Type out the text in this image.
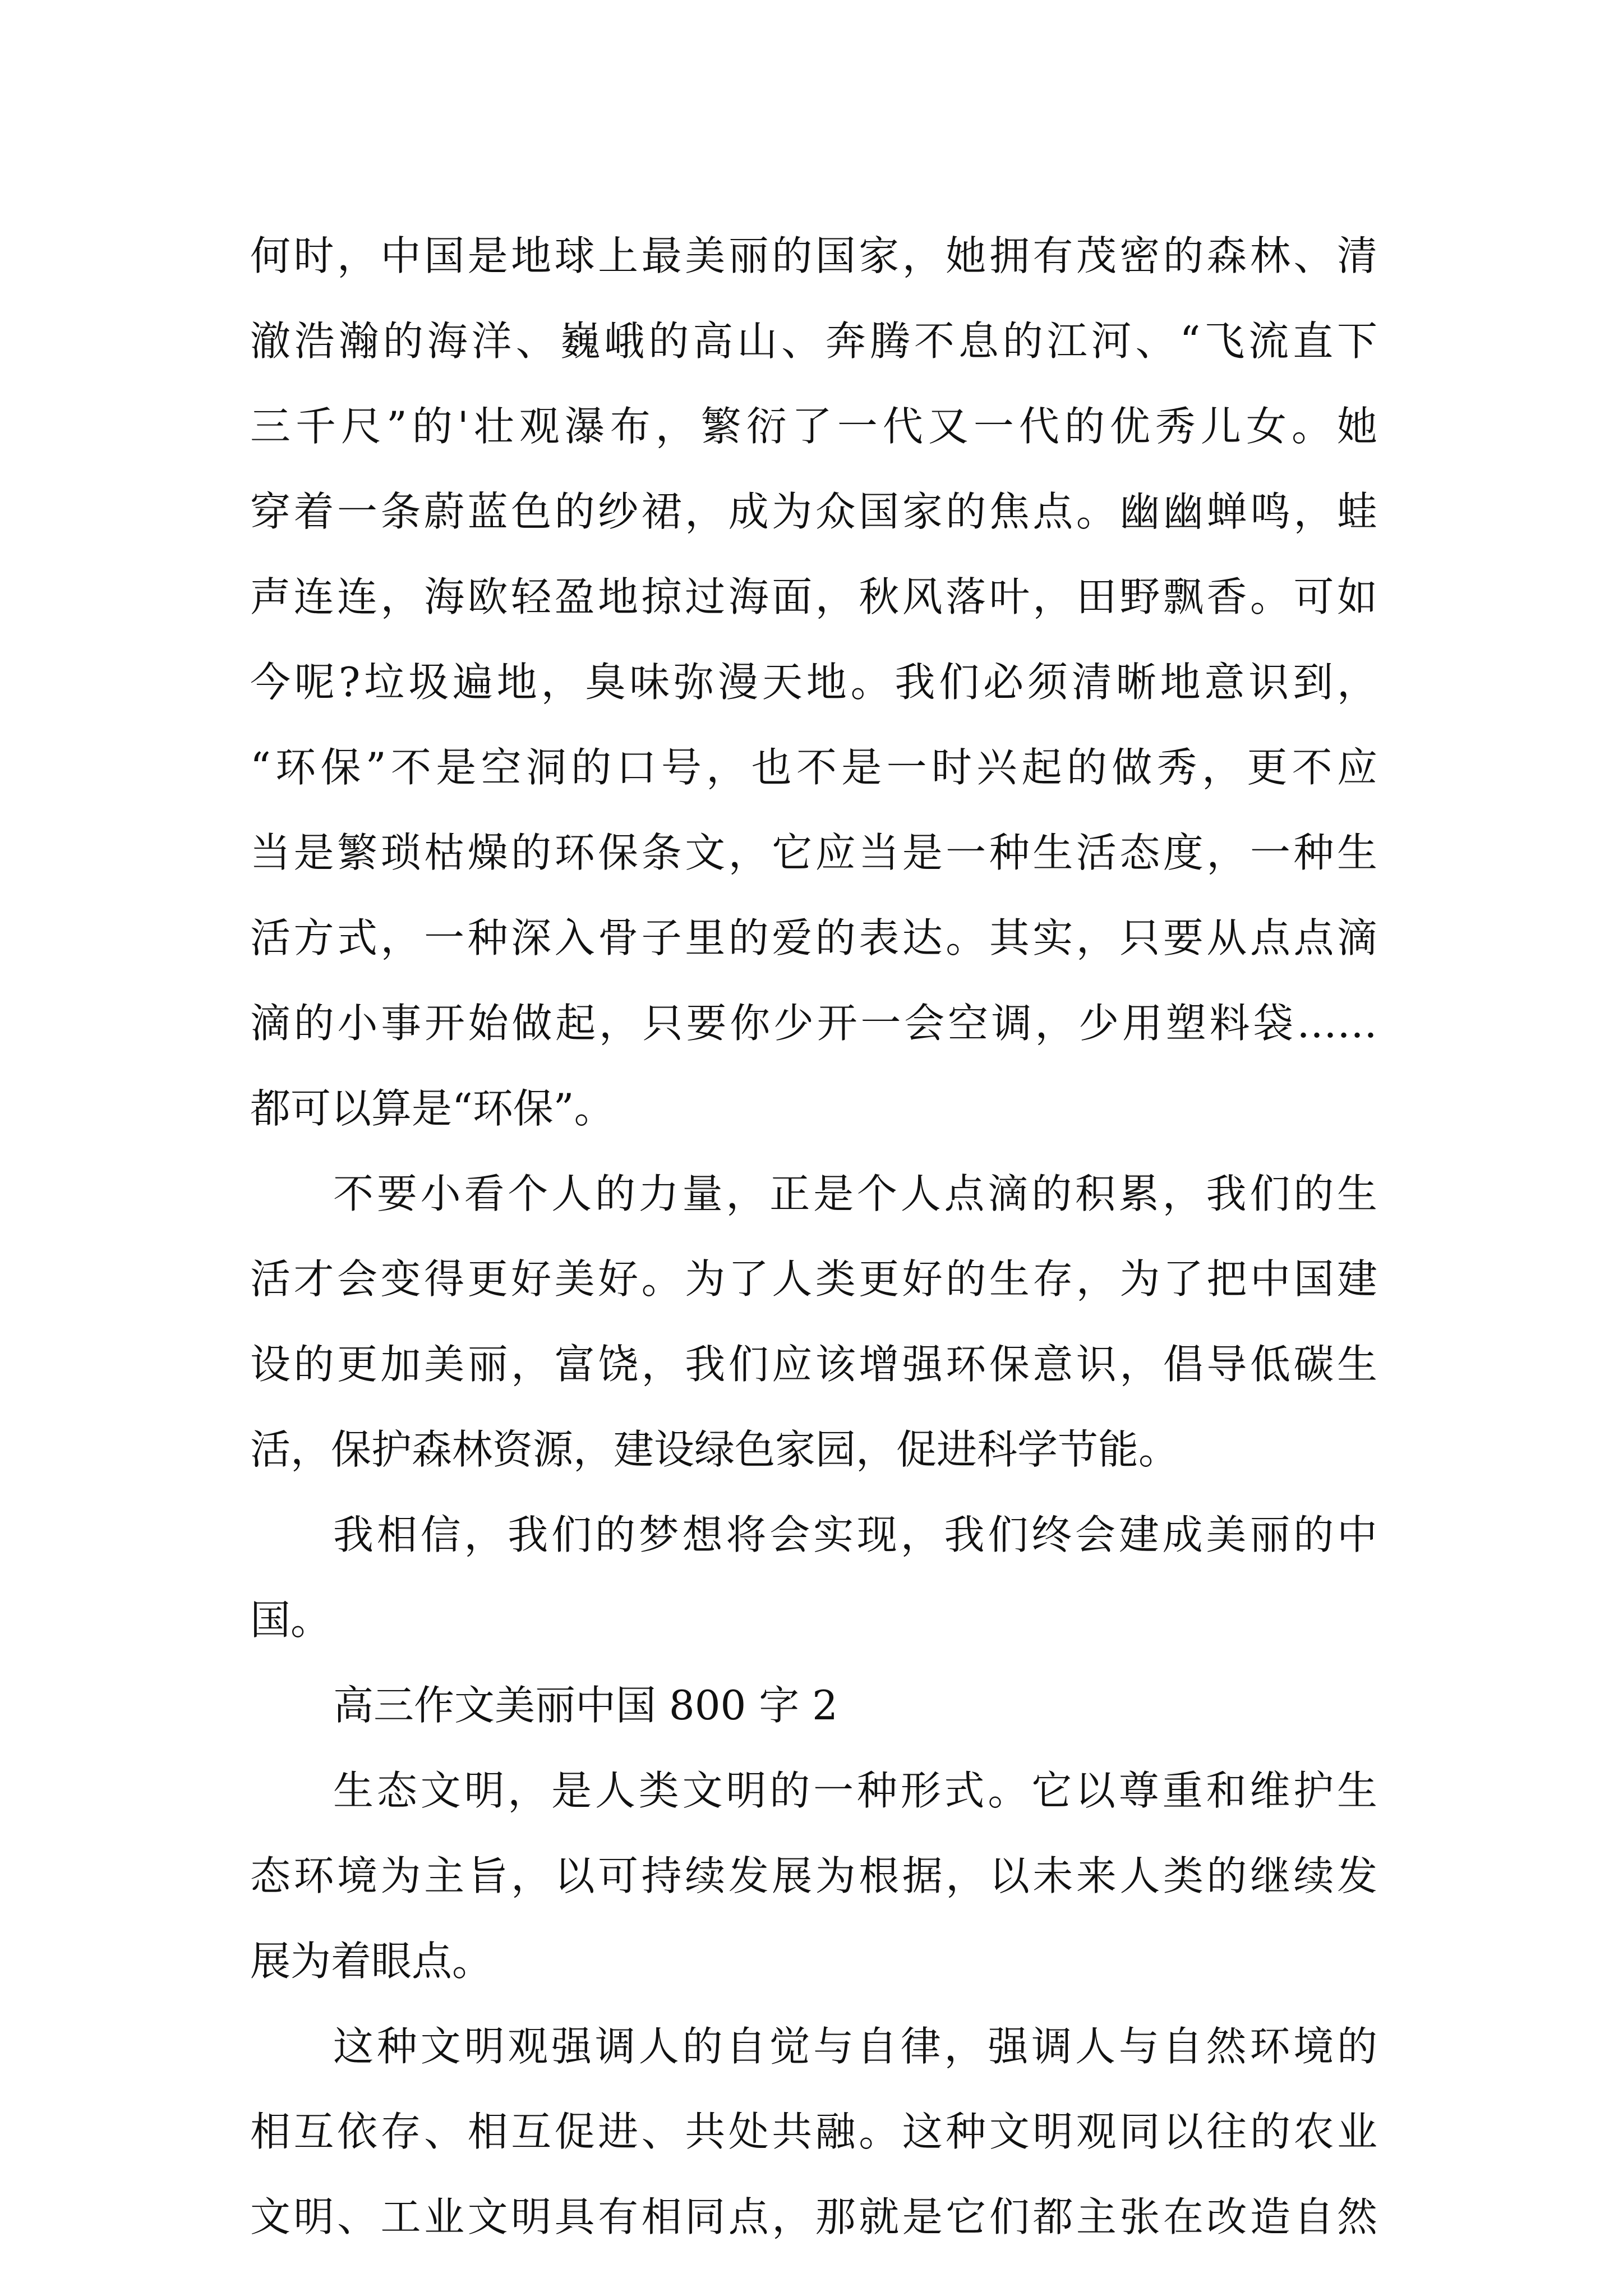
何时，中国是地球上最美丽的国家，她拥有茂密的森林、清
澈浩瀚的海洋、巍峨的高山、奔腾不息的江河、“飞流直下
三千尺”的'壮观瀑布，繁衍了一代又一代的优秀儿女。她
穿着一条蔚蓝色的纱裙，成为众国家的焦点。幽幽蝉鸣，蛙
声连连，海欧轻盈地掠过海面，秋风落叶，田野飘香。可如
今呢?垃圾遍地，臭味弥漫天地。我们必须清晰地意识到，
“环保”不是空洞的口号，也不是一时兴起的做秀，更不应
当是繁琐枯燥的环保条文，它应当是一种生活态度，一种生
活方式，一种深入骨子里的爱的表达。其实，只要从点点滴
滴的小事开始做起，只要你少开一会空调，少用塑料袋……
都可以算是“环保”。
不要小看个人的力量，正是个人点滴的积累，我们的生
活才会变得更好美好。为了人类更好的生存，为了把中国建
设的更加美丽，富饶，我们应该增强环保意识，倡导低碳生
活，保护森林资源，建设绿色家园，促进科学节能。
我相信，我们的梦想将会实现，我们终会建成美丽的中
国。
高三作文美丽中国 800 字 2
生态文明，是人类文明的一种形式。它以尊重和维护生
态环境为主旨，以可持续发展为根据，以未来人类的继续发
展为着眼点。
这种文明观强调人的自觉与自律，强调人与自然环境的
相互依存、相互促进、共处共融。这种文明观同以往的农业
文明、工业文明具有相同点，那就是它们都主张在改造自然
